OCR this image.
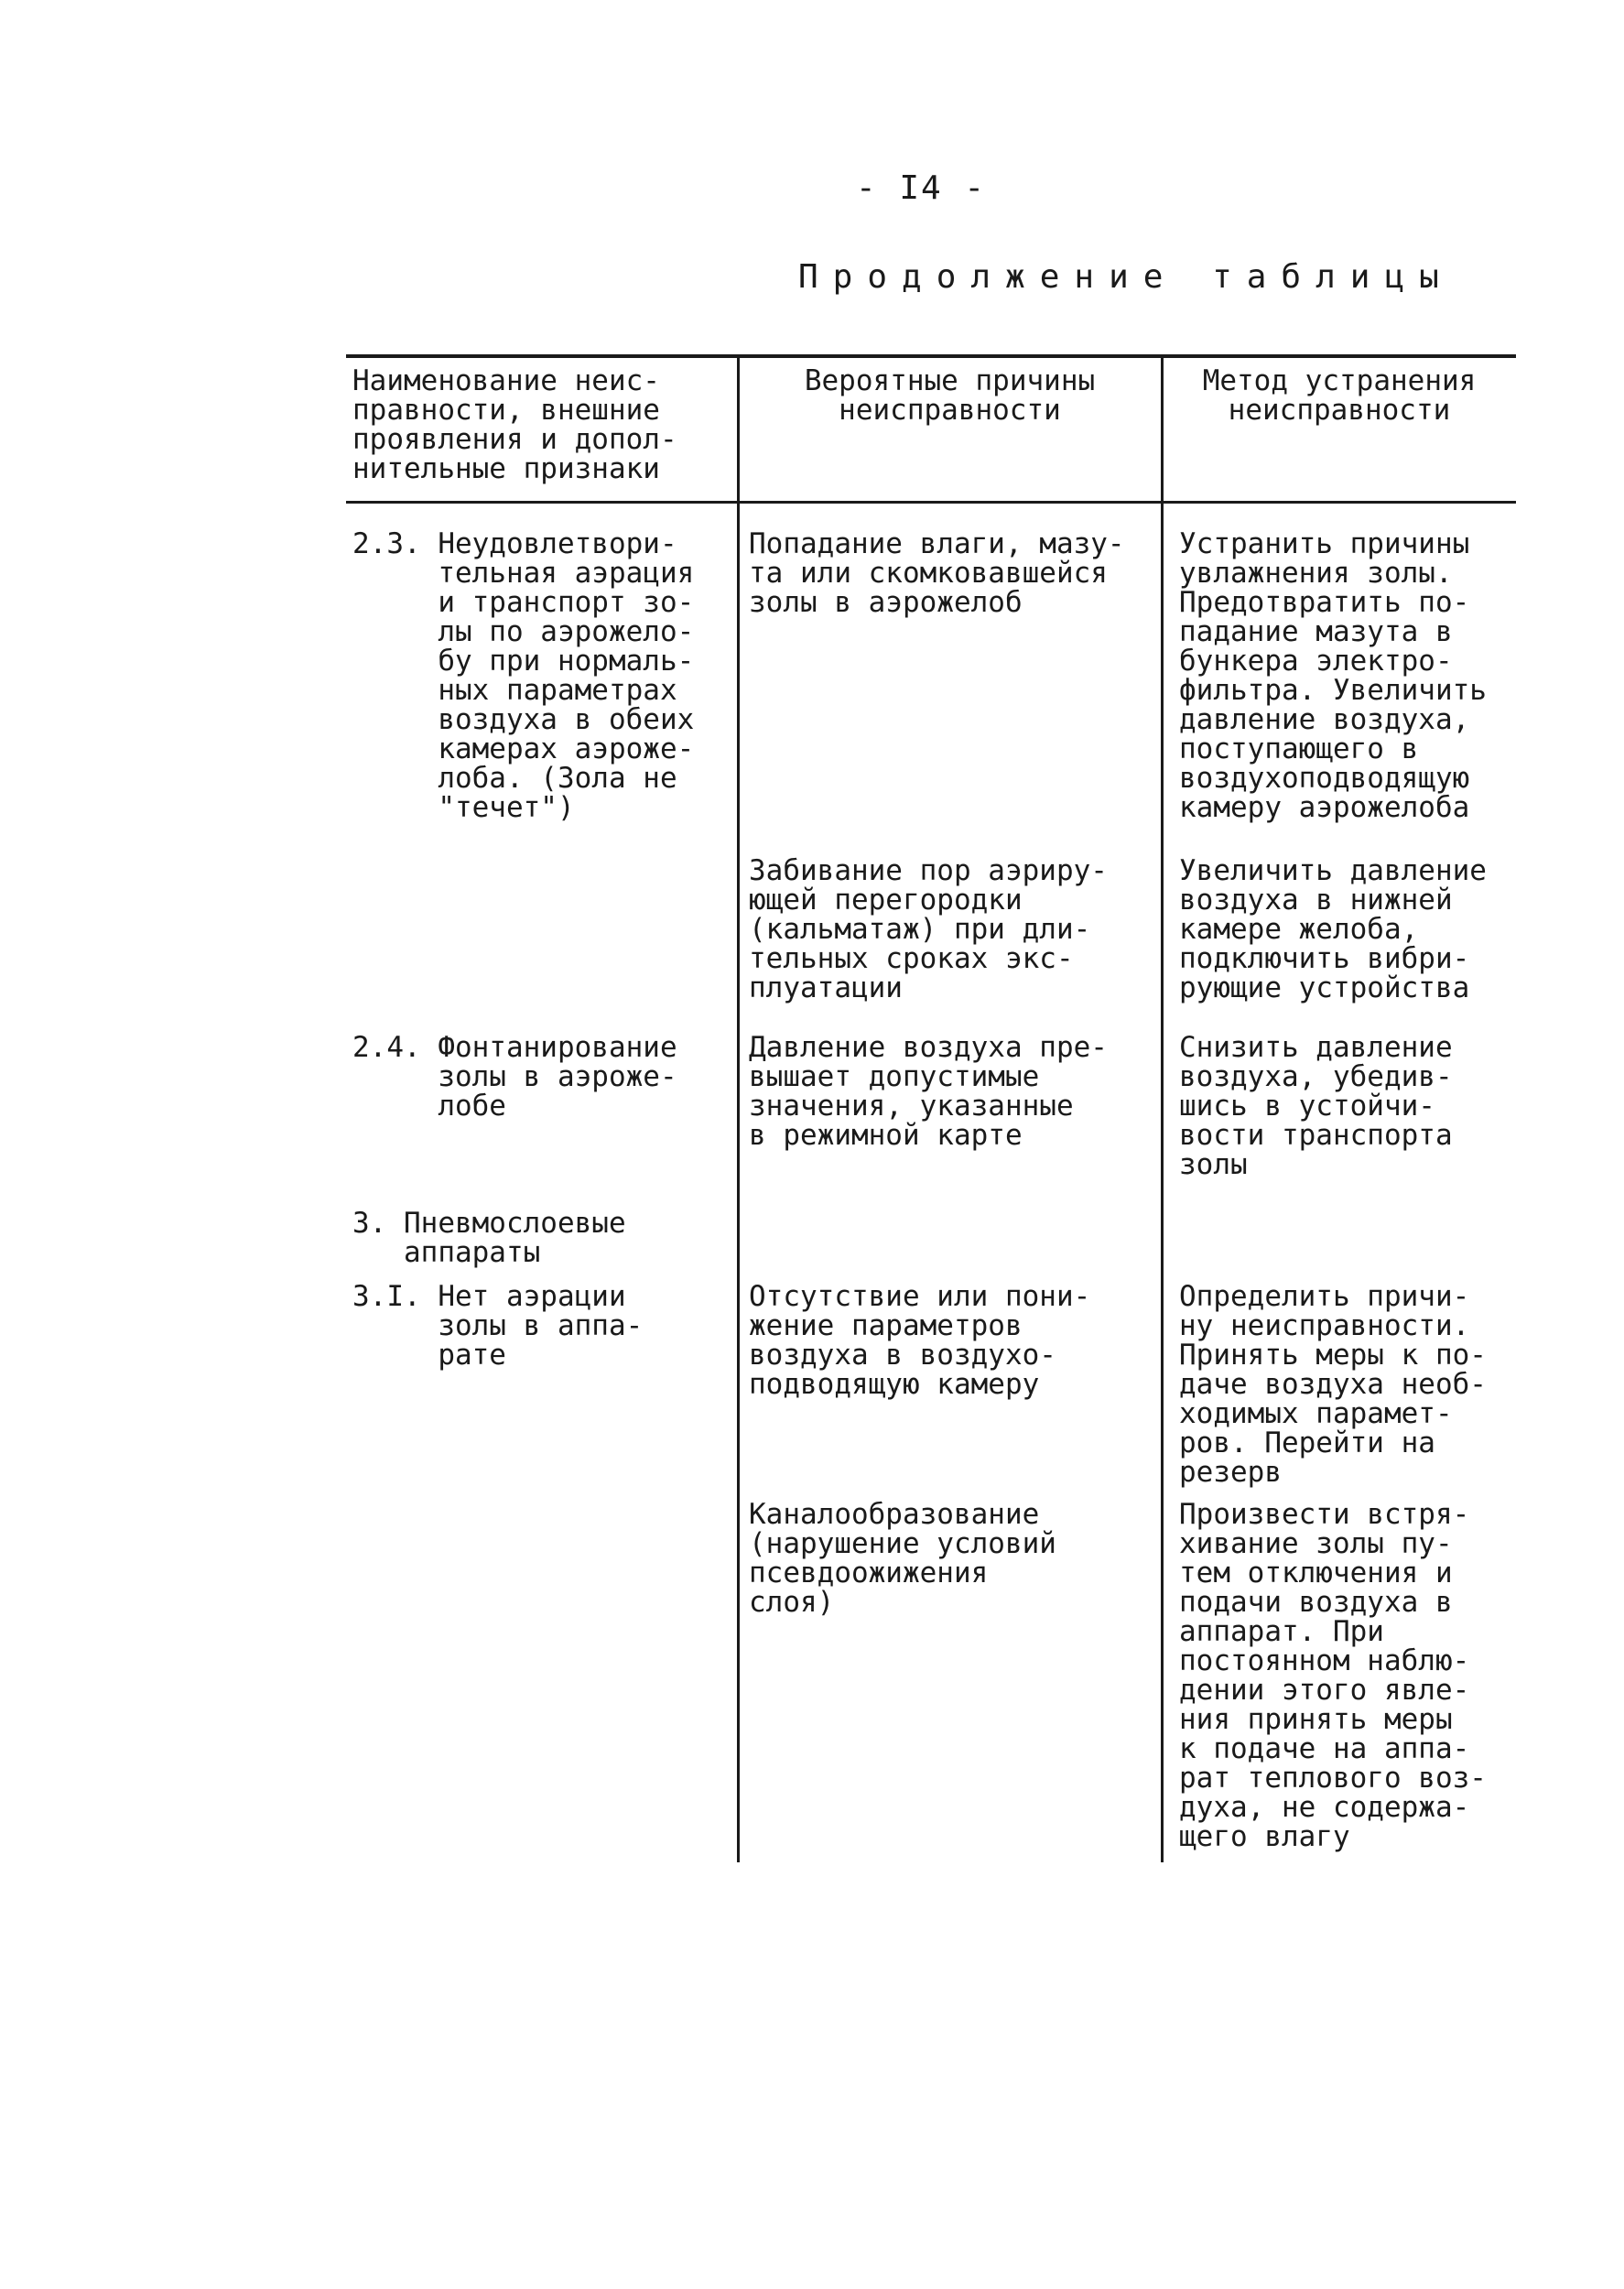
- I4 -
Продолжение таблицы
Наименование неис-
правности, внешние
проявления и допол-
нительные признаки
Вероятные причины
неисправности
Метод устранения
неисправности
2.3. Неудовлетвори-
тельная аэрация
и транспорт зо-
лы по аэрожело-
бу при нормаль-
ных параметрах
воздуха в обеих
камерах аэроже-
лоба. (Зола не
"течет")
Попадание влаги, мазу-
та или скомковавшейся
золы в аэрожелоб
Устранить причины
увлажнения золы.
Предотвратить по-
падание мазута в
бункера электро-
фильтра. Увеличить
давление воздуха,
поступающего в
воздухоподводящую
камеру аэрожелоба
Забивание пор аэриру-
ющей перегородки
(кальматаж) при дли-
тельных сроках экс-
плуатации
Увеличить давление
воздуха в нижней
камере желоба,
подключить вибри-
рующие устройства
2.4. Фонтанирование
золы в аэроже-
лобе
Давление воздуха пре-
вышает допустимые
значения, указанные
в режимной карте
Снизить давление
воздуха, убедив-
шись в устойчи-
вости транспорта
золы
3. Пневмослоевые
аппараты
3.I. Нет аэрации
золы в аппа-
рате
Отсутствие или пони-
жение параметров
воздуха в воздухо-
подводящую камеру
Определить причи-
ну неисправности.
Принять меры к по-
даче воздуха необ-
ходимых парамет-
ров. Перейти на
резерв
Каналообразование
(нарушение условий
псевдоожижения
слоя)
Произвести встря-
хивание золы пу-
тем отключения и
подачи воздуха в
аппарат. При
постоянном наблю-
дении этого явле-
ния принять меры
к подаче на аппа-
рат теплового воз-
духа, не содержа-
щего влагу
